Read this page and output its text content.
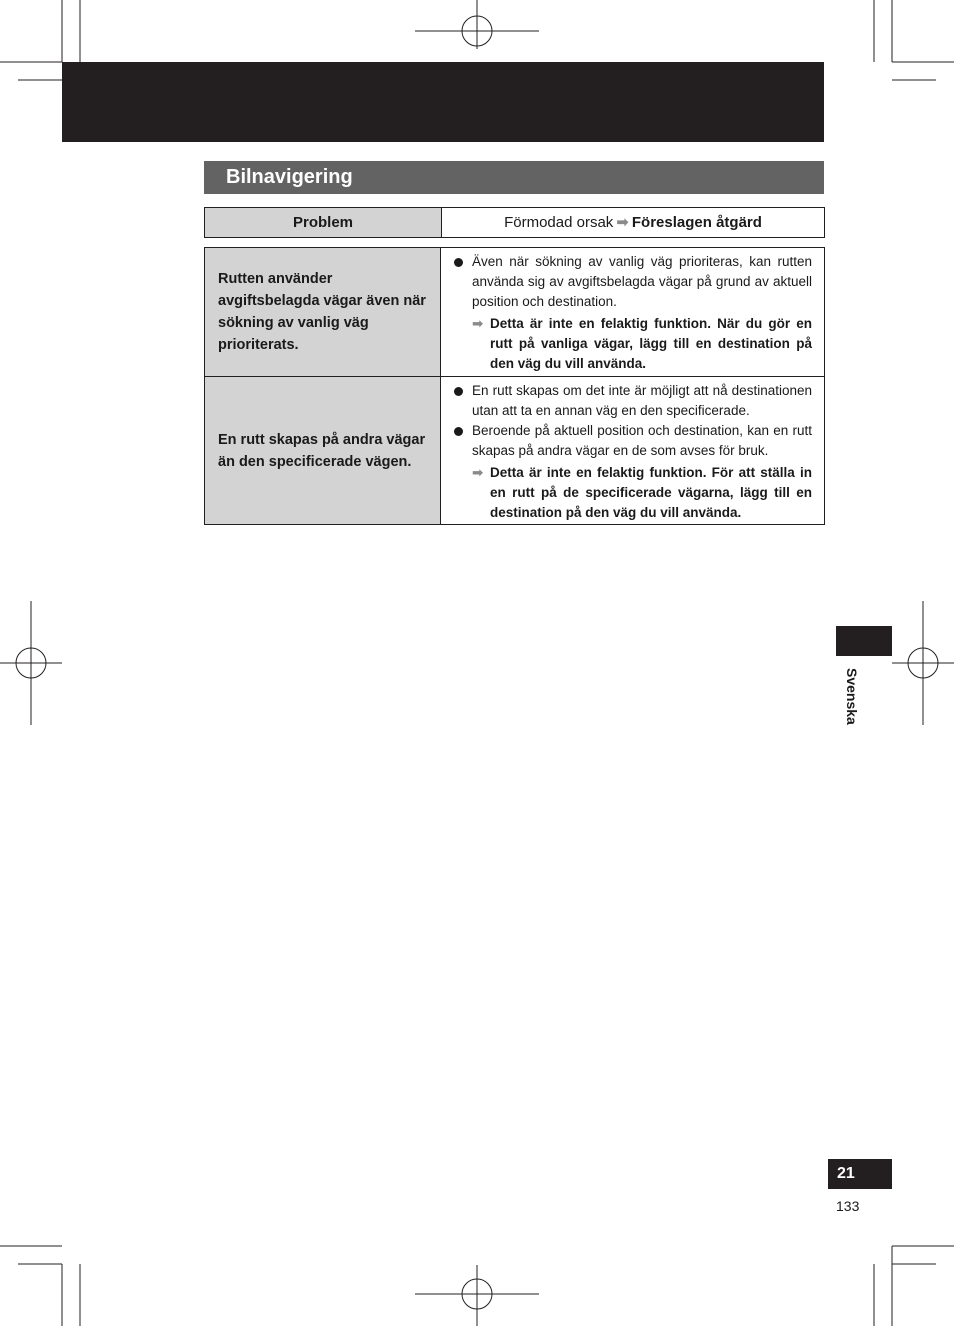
Bilnavigering
Problem	Förmodad orsak ➡ Föreslagen åtgärd
Rutten använder avgiftsbelagda vägar även när sökning av vanlig väg prioriterats.
Även när sökning av vanlig väg prioriteras, kan rutten använda sig av avgiftsbelagda vägar på grund av aktuell position och destination.
➡ Detta är inte en felaktig funktion. När du gör en rutt på vanliga vägar, lägg till en destination på den väg du vill använda.
En rutt skapas på andra vägar än den specificerade vägen.
En rutt skapas om det inte är möjligt att nå destinationen utan att ta en annan väg en den specificerade.
Beroende på aktuell position och destination, kan en rutt skapas på andra vägar en de som avses för bruk.
➡ Detta är inte en felaktig funktion. För att ställa in en rutt på de specificerade vägarna, lägg till en destination på den väg du vill använda.
Svenska
21
133
